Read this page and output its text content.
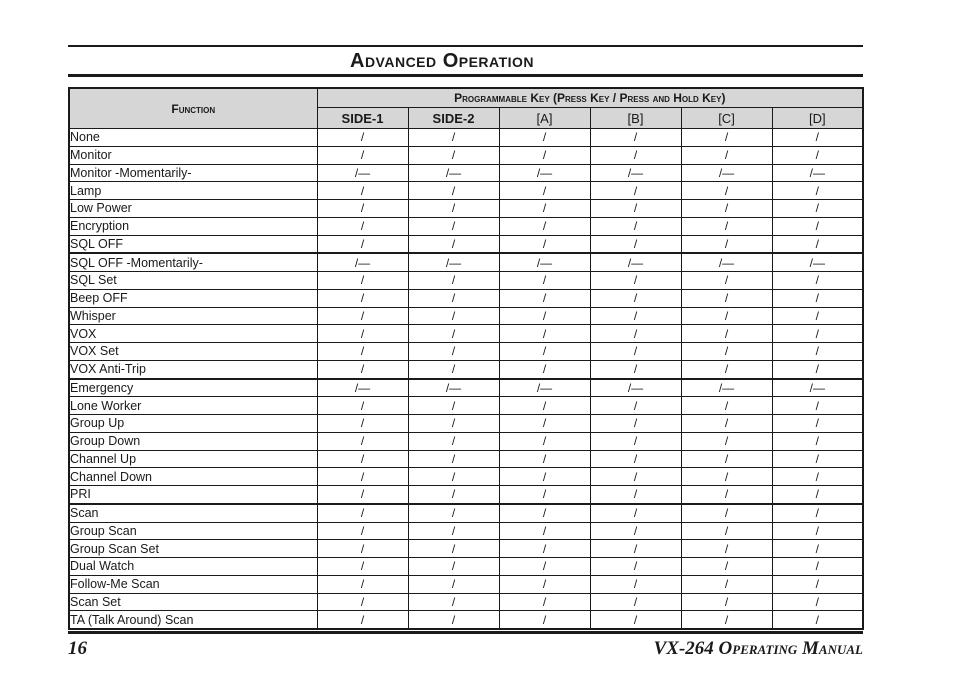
Advanced Operation
Function	Programmable Key (Press Key / Press and Hold Key)					
	SIDE-1	SIDE-2	[A]	[B]	[C]	[D]
None	/	/	/	/	/	/
Monitor	/	/	/	/	/	/
Monitor -Momentarily-	/—	/—	/—	/—	/—	/—
Lamp	/	/	/	/	/	/
Low Power	/	/	/	/	/	/
Encryption	/	/	/	/	/	/
SQL OFF	/	/	/	/	/	/
SQL OFF -Momentarily-	/—	/—	/—	/—	/—	/—
SQL Set	/	/	/	/	/	/
Beep OFF	/	/	/	/	/	/
Whisper	/	/	/	/	/	/
VOX	/	/	/	/	/	/
VOX Set	/	/	/	/	/	/
VOX Anti-Trip	/	/	/	/	/	/
Emergency	/—	/—	/—	/—	/—	/—
Lone Worker	/	/	/	/	/	/
Group Up	/	/	/	/	/	/
Group Down	/	/	/	/	/	/
Channel Up	/	/	/	/	/	/
Channel Down	/	/	/	/	/	/
PRI	/	/	/	/	/	/
Scan	/	/	/	/	/	/
Group Scan	/	/	/	/	/	/
Group Scan Set	/	/	/	/	/	/
Dual Watch	/	/	/	/	/	/
Follow-Me Scan	/	/	/	/	/	/
Scan Set	/	/	/	/	/	/
TA (Talk Around) Scan	/	/	/	/	/	/
16	VX-264 Operating Manual
